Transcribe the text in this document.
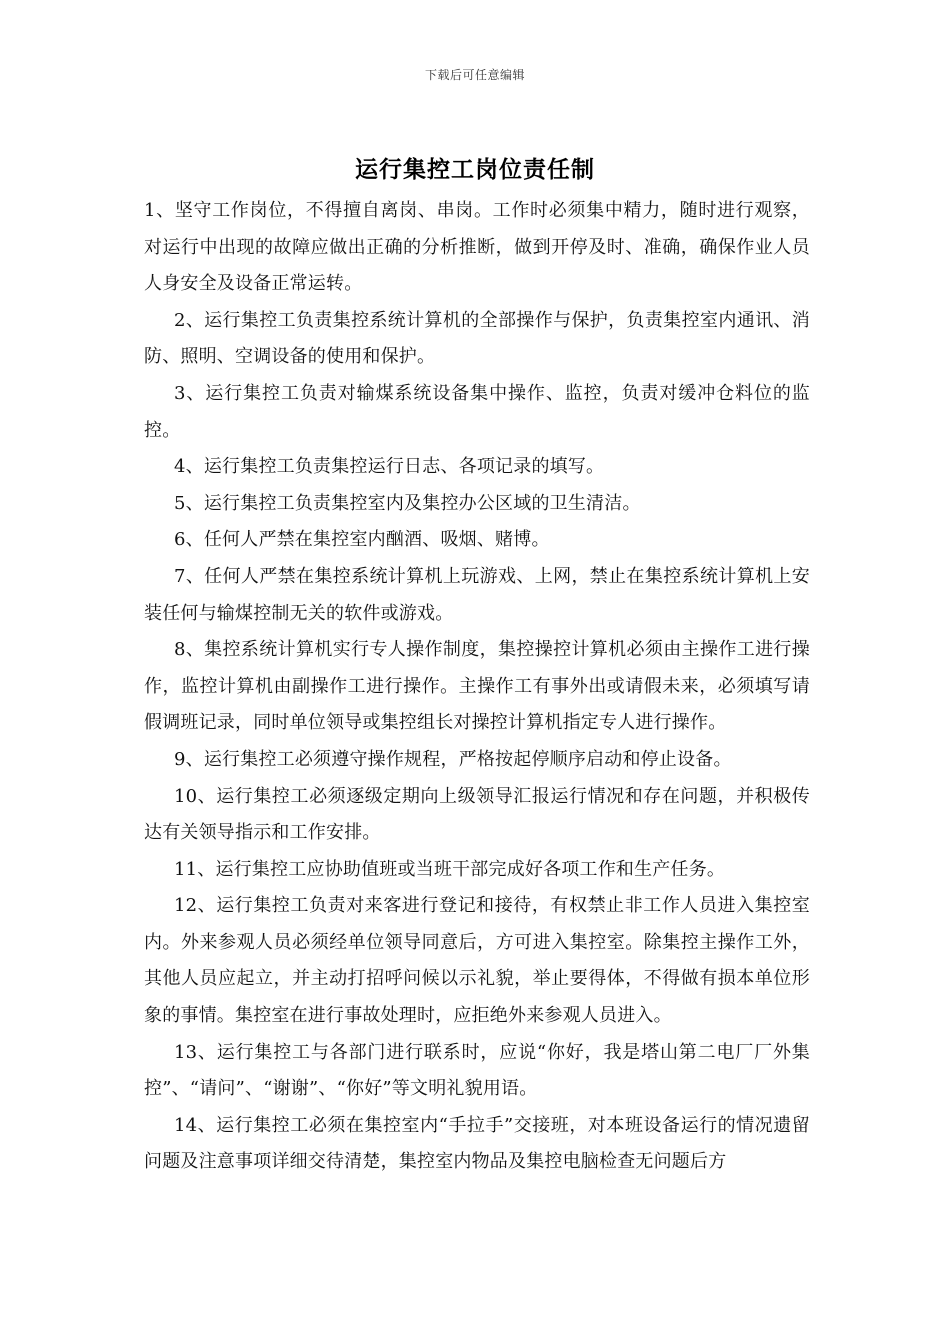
下载后可任意编辑
运行集控工岗位责任制

1、坚守工作岗位，不得擅自离岗、串岗。工作时必须集中精力，随时进行观察，对运行中出现的故障应做出正确的分析推断，做到开停及时、准确，确保作业人员人身安全及设备正常运转。

2、运行集控工负责集控系统计算机的全部操作与保护，负责集控室内通讯、消防、照明、空调设备的使用和保护。

3、运行集控工负责对输煤系统设备集中操作、监控，负责对缓冲仓料位的监控。

4、运行集控工负责集控运行日志、各项记录的填写。

5、运行集控工负责集控室内及集控办公区域的卫生清洁。

6、任何人严禁在集控室内酗酒、吸烟、赌博。

7、任何人严禁在集控系统计算机上玩游戏、上网，禁止在集控系统计算机上安装任何与输煤控制无关的软件或游戏。

8、集控系统计算机实行专人操作制度，集控操控计算机必须由主操作工进行操作，监控计算机由副操作工进行操作。主操作工有事外出或请假未来，必须填写请假调班记录，同时单位领导或集控组长对操控计算机指定专人进行操作。

9、运行集控工必须遵守操作规程，严格按起停顺序启动和停止设备。

10、运行集控工必须逐级定期向上级领导汇报运行情况和存在问题，并积极传达有关领导指示和工作安排。

11、运行集控工应协助值班或当班干部完成好各项工作和生产任务。

12、运行集控工负责对来客进行登记和接待，有权禁止非工作人员进入集控室内。外来参观人员必须经单位领导同意后，方可进入集控室。除集控主操作工外，其他人员应起立，并主动打招呼问候以示礼貌，举止要得体，不得做有损本单位形象的事情。集控室在进行事故处理时，应拒绝外来参观人员进入。

13、运行集控工与各部门进行联系时，应说“你好，我是塔山第二电厂厂外集控”、“请问”、“谢谢”、“你好”等文明礼貌用语。

14、运行集控工必须在集控室内“手拉手”交接班，对本班设备运行的情况遗留问题及注意事项详细交待清楚，集控室内物品及集控电脑检查无问题后方
